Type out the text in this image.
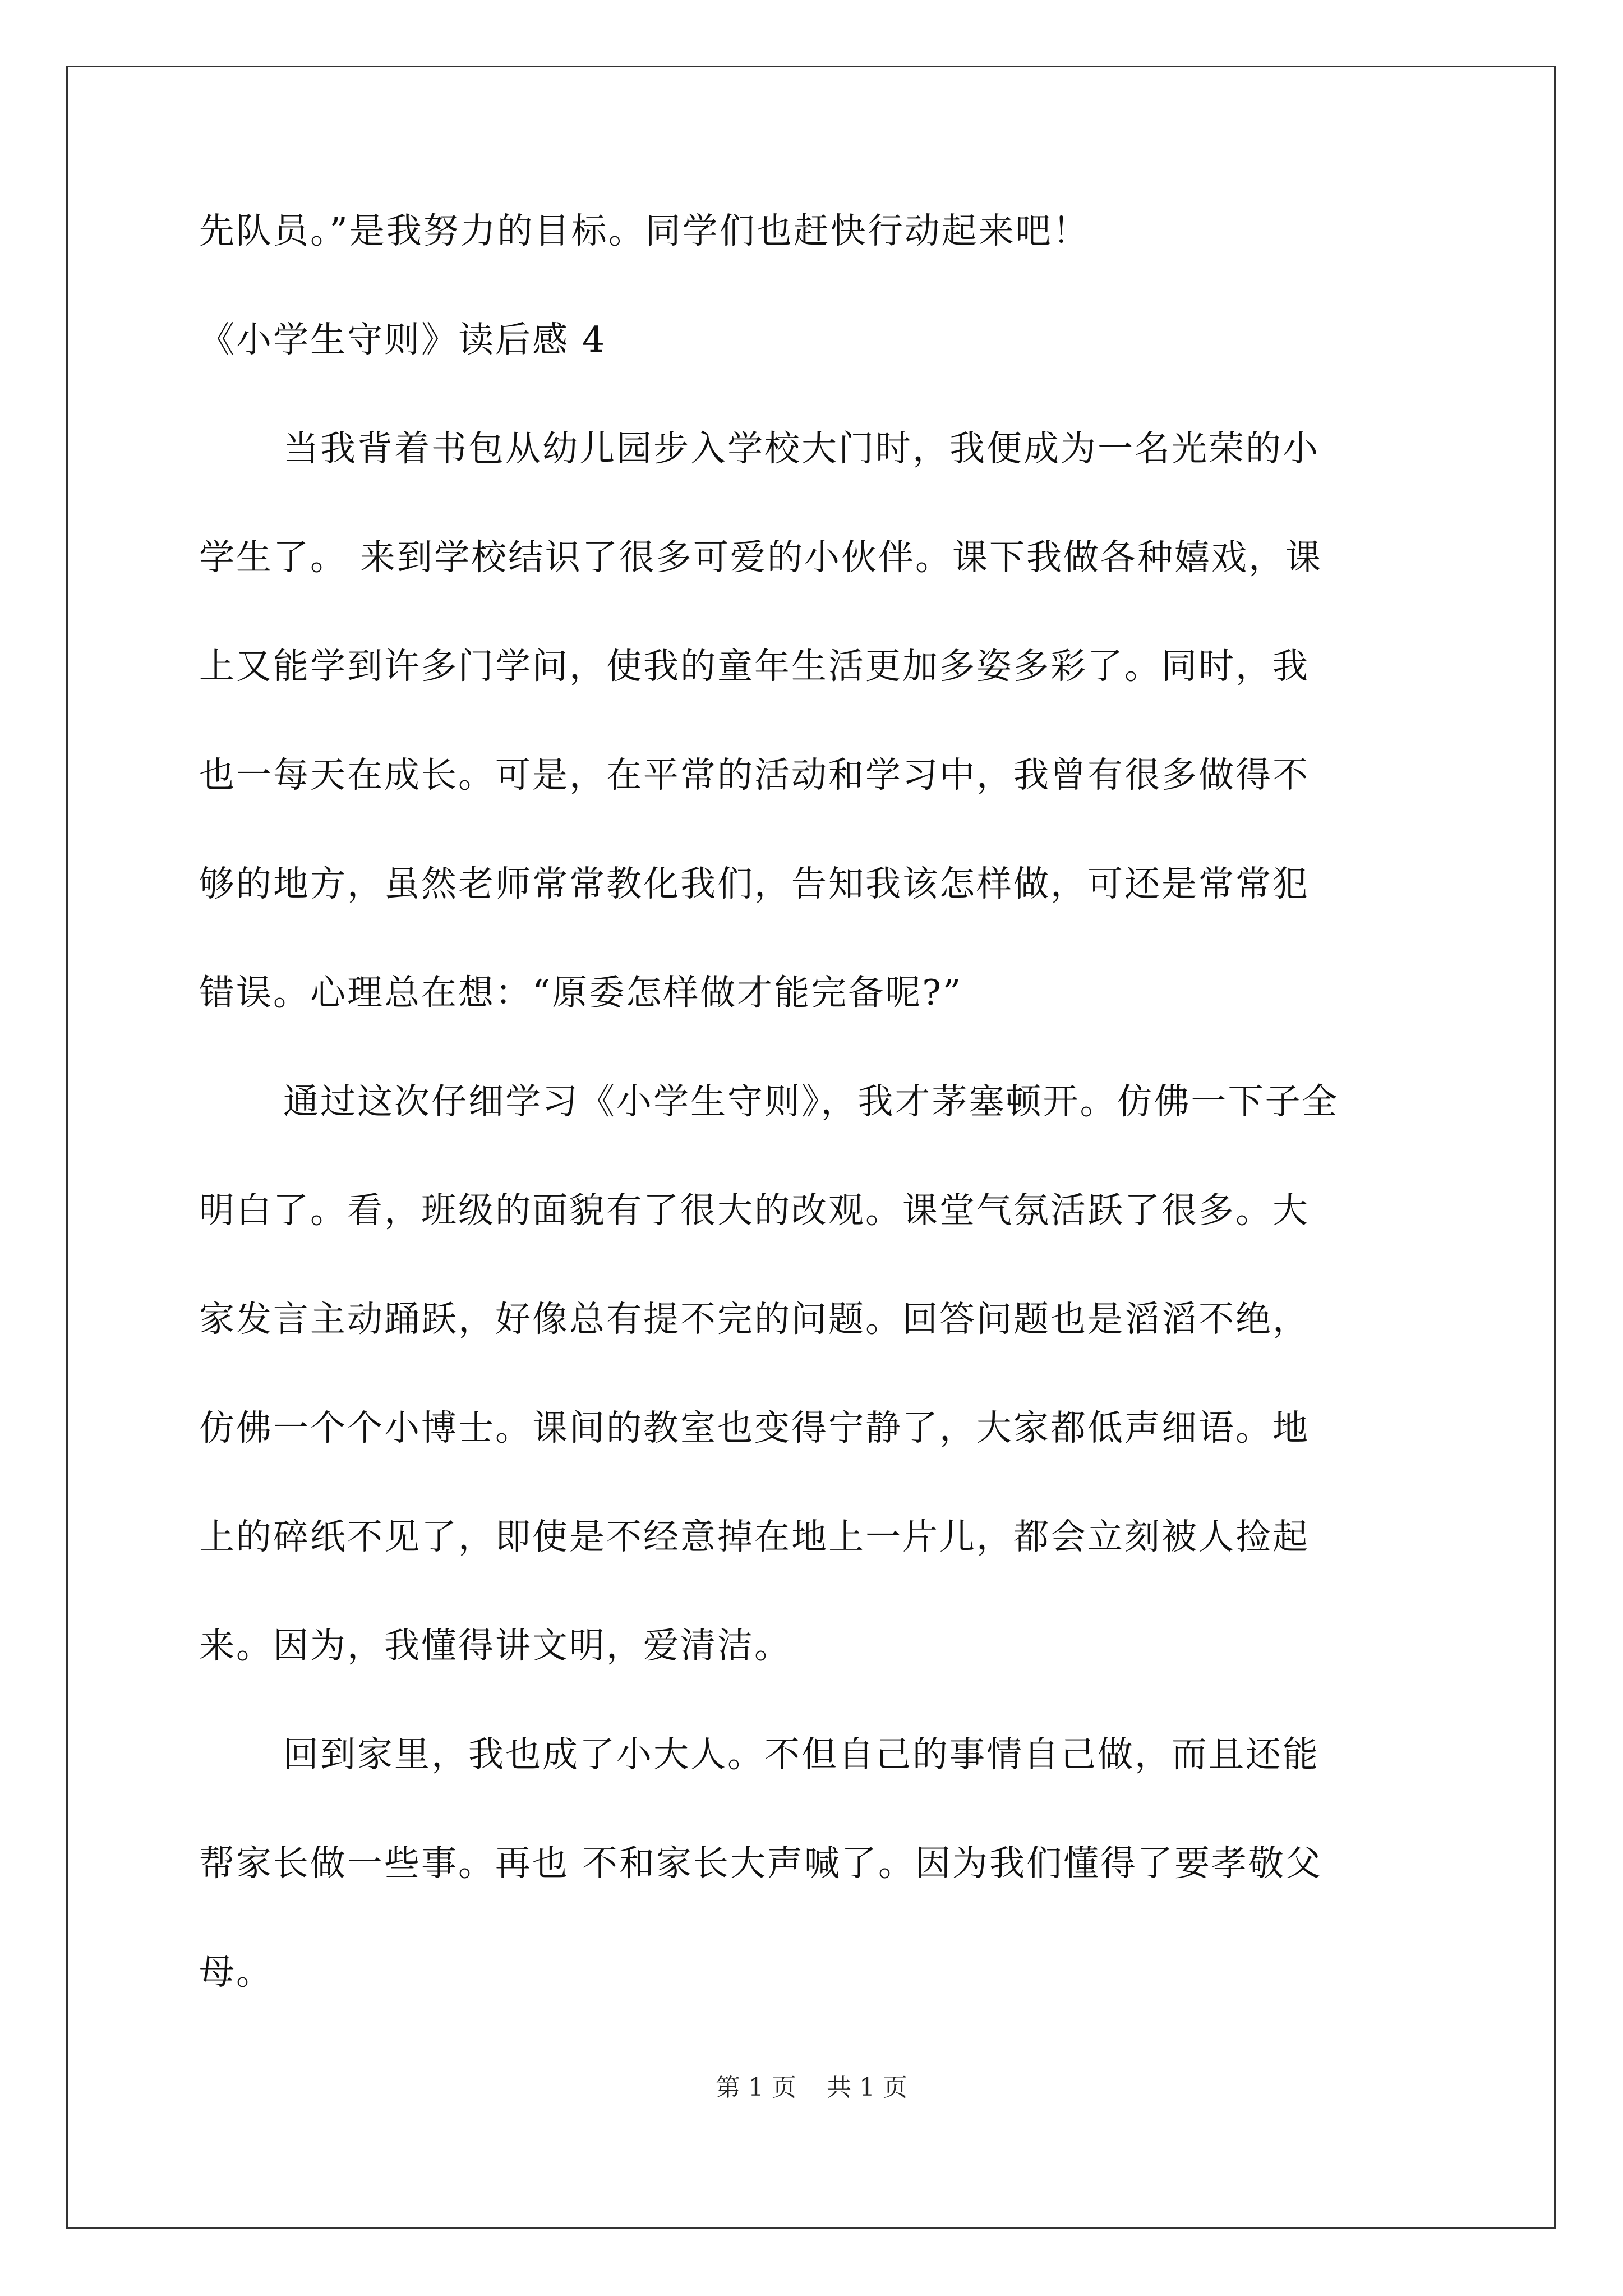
先队员。”是我努力的目标。同学们也赶快行动起来吧！

《小学生守则》读后感 4

当我背着书包从幼儿园步入学校大门时，我便成为一名光荣的小

学生了。 来到学校结识了很多可爱的小伙伴。课下我做各种嬉戏，课

上又能学到许多门学问，使我的童年生活更加多姿多彩了。同时，我

也一每天在成长。可是，在平常的活动和学习中，我曾有很多做得不

够的地方，虽然老师常常教化我们，告知我该怎样做，可还是常常犯

错误。心理总在想：“原委怎样做才能完备呢?”

通过这次仔细学习《小学生守则》，我才茅塞顿开。仿佛一下子全

明白了。看，班级的面貌有了很大的改观。课堂气氛活跃了很多。大

家发言主动踊跃，好像总有提不完的问题。回答问题也是滔滔不绝，

仿佛一个个小博士。课间的教室也变得宁静了，大家都低声细语。地

上的碎纸不见了，即使是不经意掉在地上一片儿，都会立刻被人捡起

来。因为，我懂得讲文明，爱清洁。

回到家里，我也成了小大人。不但自己的事情自己做，而且还能

帮家长做一些事。再也 不和家长大声喊了。因为我们懂得了要孝敬父

母。

第 1 页 共 1 页
